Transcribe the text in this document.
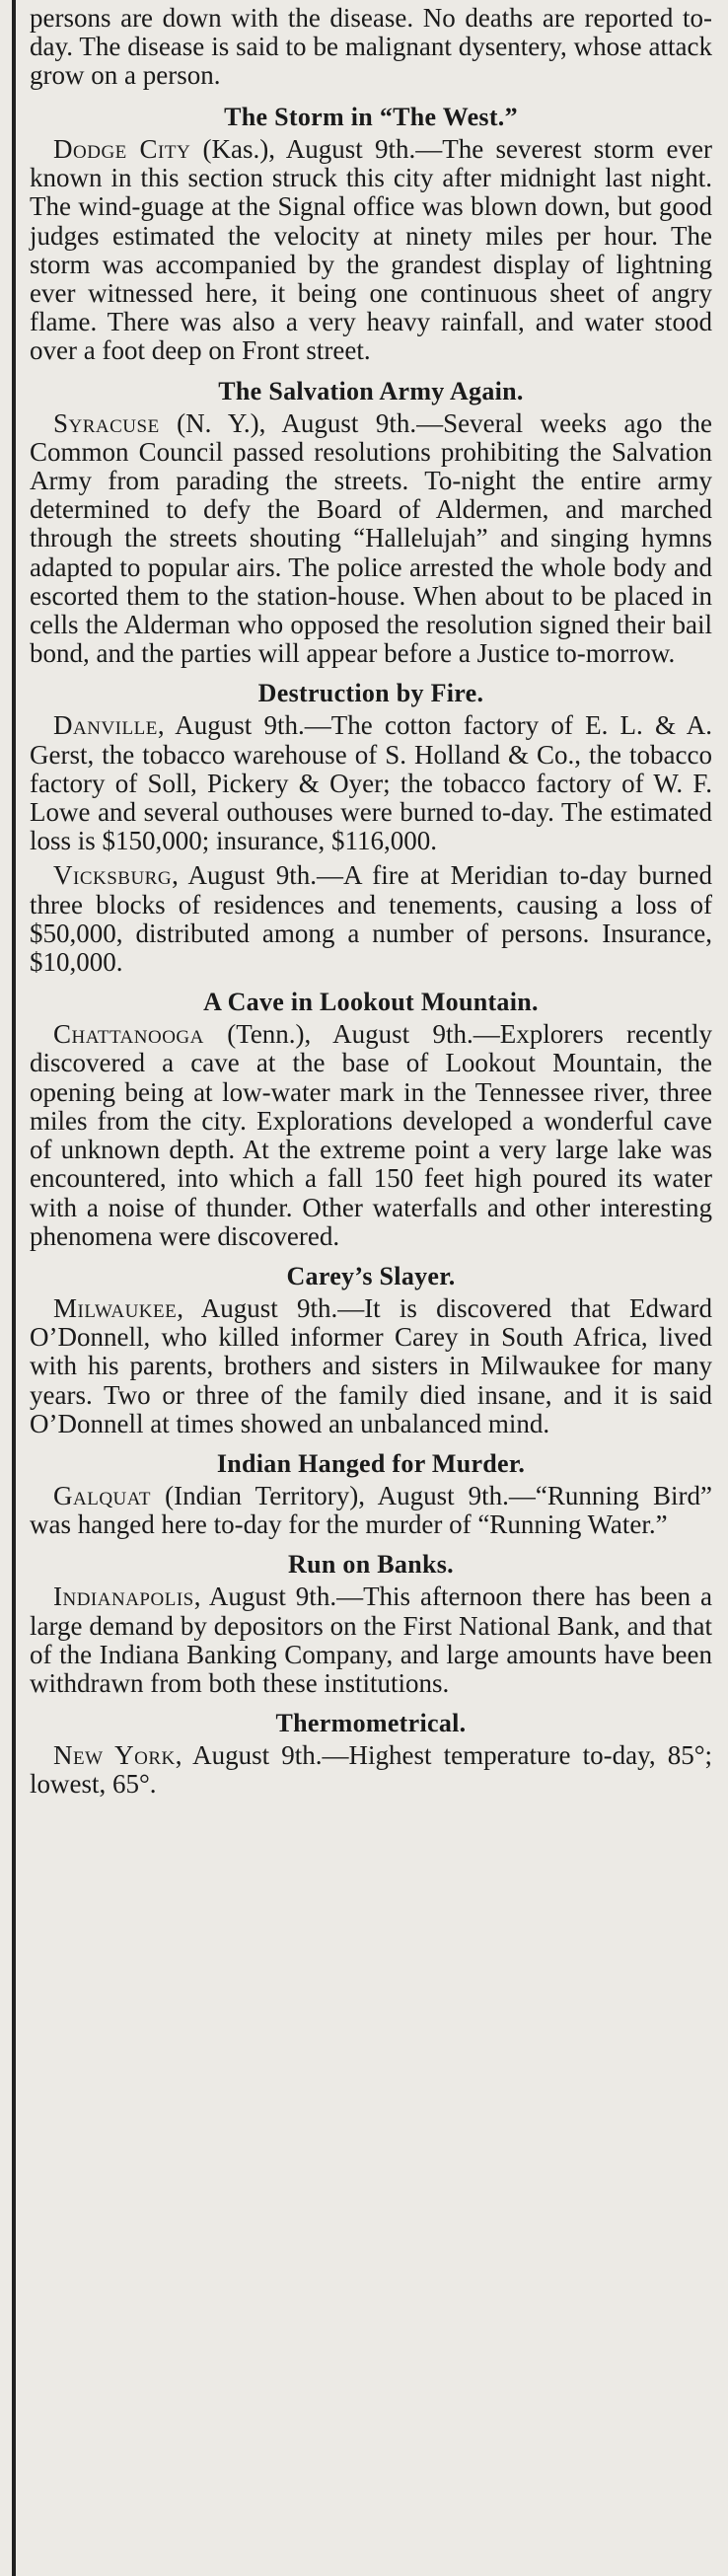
persons are down with the disease. No deaths are reported to-day. The disease is said to be malignant dysentery, whose attack grow on a person.

The Storm in “The West.”

Dodge City (Kas.), August 9th.—The severest storm ever known in this section struck this city after midnight last night. The wind-guage at the Signal office was blown down, but good judges estimated the velocity at ninety miles per hour. The storm was accompanied by the grandest display of lightning ever witnessed here, it being one continuous sheet of angry flame. There was also a very heavy rainfall, and water stood over a foot deep on Front street.

The Salvation Army Again.

Syracuse (N. Y.), August 9th.—Several weeks ago the Common Council passed resolutions prohibiting the Salvation Army from parading the streets. To-night the entire army determined to defy the Board of Aldermen, and marched through the streets shouting “Hallelujah” and singing hymns adapted to popular airs. The police arrested the whole body and escorted them to the station-house. When about to be placed in cells the Alderman who opposed the resolution signed their bail bond, and the parties will appear before a Justice to-morrow.

Destruction by Fire.

Danville, August 9th.—The cotton factory of E. L. & A. Gerst, the tobacco warehouse of S. Holland & Co., the tobacco factory of Soll, Pickery & Oyer; the tobacco factory of W. F. Lowe and several outhouses were burned to-day. The estimated loss is $150,000; insurance, $116,000.

Vicksburg, August 9th.—A fire at Meridian to-day burned three blocks of residences and tenements, causing a loss of $50,000, distributed among a number of persons. Insurance, $10,000.

A Cave in Lookout Mountain.

Chattanooga (Tenn.), August 9th.—Explorers recently discovered a cave at the base of Lookout Mountain, the opening being at low-water mark in the Tennessee river, three miles from the city. Explorations developed a wonderful cave of unknown depth. At the extreme point a very large lake was encountered, into which a fall 150 feet high poured its water with a noise of thunder. Other waterfalls and other interesting phenomena were discovered.

Carey’s Slayer.

Milwaukee, August 9th.—It is discovered that Edward O’Donnell, who killed informer Carey in South Africa, lived with his parents, brothers and sisters in Milwaukee for many years. Two or three of the family died insane, and it is said O’Donnell at times showed an unbalanced mind.

Indian Hanged for Murder.

Galquat (Indian Territory), August 9th.—“Running Bird” was hanged here to-day for the murder of “Running Water.”

Run on Banks.

Indianapolis, August 9th.—This afternoon there has been a large demand by depositors on the First National Bank, and that of the Indiana Banking Company, and large amounts have been withdrawn from both these institutions.

Thermometrical.

New York, August 9th.—Highest temperature to-day, 85°; lowest, 65°.
